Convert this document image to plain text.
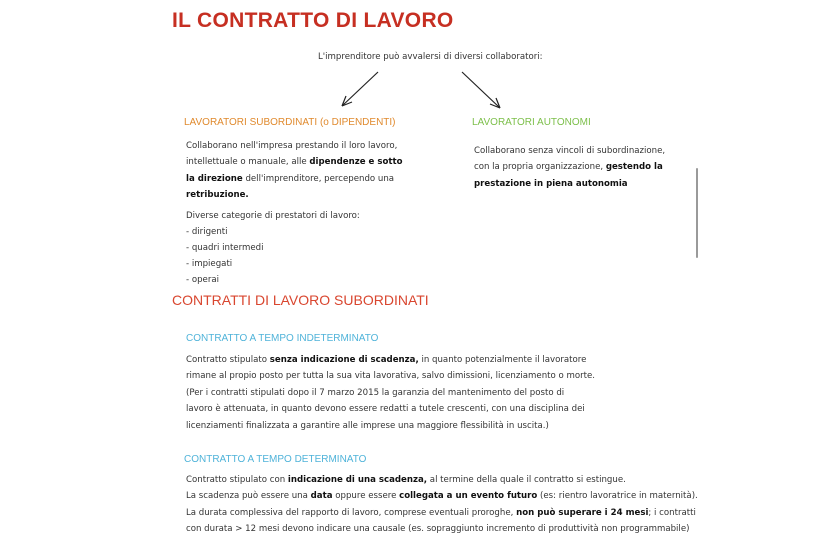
IL CONTRATTO DI LAVORO
L'imprenditore può avvalersi di diversi collaboratori:
LAVORATORI SUBORDINATI (o DIPENDENTI)
Collaborano nell'impresa prestando il loro lavoro,
intellettuale o manuale, alle dipendenze e sotto
la direzione dell'imprenditore, percependo una
retribuzione.
Diverse categorie di prestatori di lavoro:
- dirigenti
- quadri intermedi
- impiegati
- operai
LAVORATORI AUTONOMI
Collaborano senza vincoli di subordinazione,
con la propria organizzazione, gestendo la
prestazione in piena autonomia
CONTRATTI DI LAVORO SUBORDINATI
CONTRATTO A TEMPO INDETERMINATO
Contratto stipulato senza indicazione di scadenza, in quanto potenzialmente il lavoratore
rimane al propio posto per tutta la sua vita lavorativa, salvo dimissioni, licenziamento o morte.
(Per i contratti stipulati dopo il 7 marzo 2015 la garanzia del mantenimento del posto di
lavoro è attenuata, in quanto devono essere redatti a tutele crescenti, con una disciplina dei
licenziamenti finalizzata a garantire alle imprese una maggiore flessibilità in uscita.)
CONTRATTO A TEMPO DETERMINATO
Contratto stipulato con indicazione di una scadenza, al termine della quale il contratto si estingue.
La scadenza può essere una data oppure essere collegata a un evento futuro (es: rientro lavoratrice in maternità).
La durata complessiva del rapporto di lavoro, comprese eventuali proroghe, non può superare i 24 mesi; i contratti
con durata > 12 mesi devono indicare una causale (es. sopraggiunto incremento di produttività non programmabile)
